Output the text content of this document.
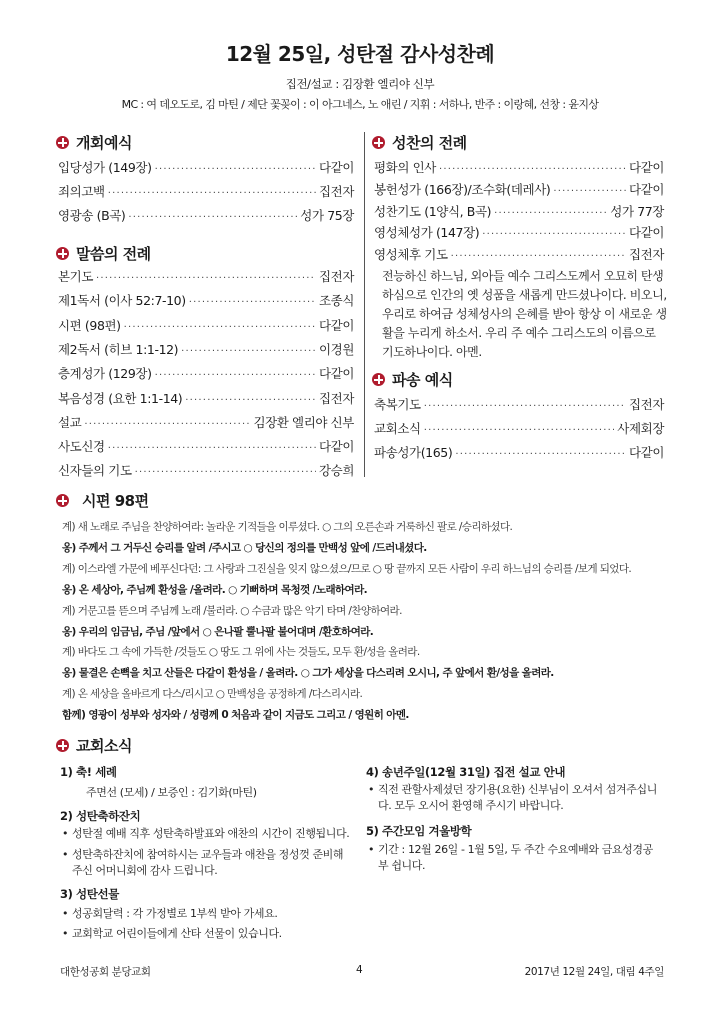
12월 25일, 성탄절 감사성찬례
집전/설교 : 김장환 엘리야 신부
MC : 여 데오도로, 김 마틴 / 제단 꽃꽂이 : 이 아그네스, 노 애린 / 지휘 : 서하나, 반주 : 이랑혜, 선창 : 윤지상
개회예식
입당성가 (149장) ·····	다같이
죄의고백 ·····	집전자
영광송 (B곡) ·····	성가 75장
말씀의 전례
본기도 ·····	집전자
제1독서 (이사 52:7-10) ·····	조종식
시편 (98편) ·····	다같이
제2독서 (히브 1:1-12) ·····	이경원
층계성가 (129장) ·····	다같이
복음성경 (요한 1:1-14) ·····	집전자
설교 ·····	김장환 엘리야 신부
사도신경 ·····	다같이
신자들의 기도 ·····	강승희
성찬의 전례
평화의 인사 ·····	다같이
봉헌성가 (166장)/조수화(데레사) ·····	다같이
성찬기도 (1양식, B곡) ·····	성가 77장
영성체성가 (147장) ·····	다같이
영성체후 기도 ·····	집전자
전능하신 하느님, 외아들 예수 그리스도께서 오묘히 탄생
하심으로 인간의 옛 성품을 새롭게 만드셨나이다. 비오니,
우리로 하여금 성체성사의 은혜를 받아 항상 이 새로운 생
활을 누리게 하소서. 우리 주 예수 그리스도의 이름으로
기도하나이다. 아멘.
파송 예식
축복기도 ·····	집전자
교회소식 ·····	사제회장
파송성가(165) ·····	다같이
시편 98편
계) 새 노래로 주님을 찬양하여라: 놀라운 기적들을 이루셨다. ○ 그의 오른손과 거룩하신 팔로 /승리하셨다.
옹) 주께서 그 거두신 승리를 알려 /주시고 ○ 당신의 정의를 만백성 앞에 /드러내셨다.
계) 이스라엘 가문에 베푸신다던: 그 사랑과 그진실을 잊지 않으셨으/므로 ○ 땅 끝까지 모든 사람이 우리 하느님의 승리를 /보게 되었다.
옹) 온 세상아, 주님께 환성을 /올려라. ○ 기뻐하며 목청껏 /노래하여라.
계) 거문고를 뜯으며 주님께 노래 /불러라. ○ 수금과 많은 악기 타며 /찬양하여라.
옹) 우리의 임금님, 주님 /앞에서 ○ 은나팔 뿔나팔 불어대며 /환호하여라.
계) 바다도 그 속에 가득한 /것들도 ○ 땅도 그 위에 사는 것들도, 모두 환/성을 올려라.
옹) 물결은 손뼉을 치고 산들은 다같이 환성을 / 올려라. ○ 그가 세상을 다스리려 오시니, 주 앞에서 환/성을 올려라.
계) 온 세상을 올바르게 다스/리시고 ○ 만백성을 공정하게 /다스리시라.
함께) 영광이 성부와 성자와 / 성령께 0 처음과 같이 지금도 그리고 / 영원히 아멘.
교회소식
1) 축! 세례
주면선 (모세) / 보증인 : 김기화(마틴)
2) 성탄축하잔치
• 성탄절 예배 직후 성탄축하발표와 애찬의 시간이 진행됩니다.
• 성탄축하잔치에 참여하시는 교우들과 애찬을 정성껏 준비해
주신 어머니회에 감사 드립니다.
3) 성탄선물
• 성공회달력 : 각 가정별로 1부씩 받아 가세요.
• 교회학교 어린이들에게 산타 선물이 있습니다.
4) 송년주일(12월 31일) 집전 설교 안내
• 직전 관할사제셨던 장기용(요한) 신부님이 오셔서 섬겨주십니
다. 모두 오시어 환영해 주시기 바랍니다.
5) 주간모임 겨울방학
• 기간 : 12월 26일 - 1월 5일, 두 주간 수요예배와 금요성경공
부 쉽니다.
대한성공회 분당교회	4	2017년 12월 24일, 대림 4주일
